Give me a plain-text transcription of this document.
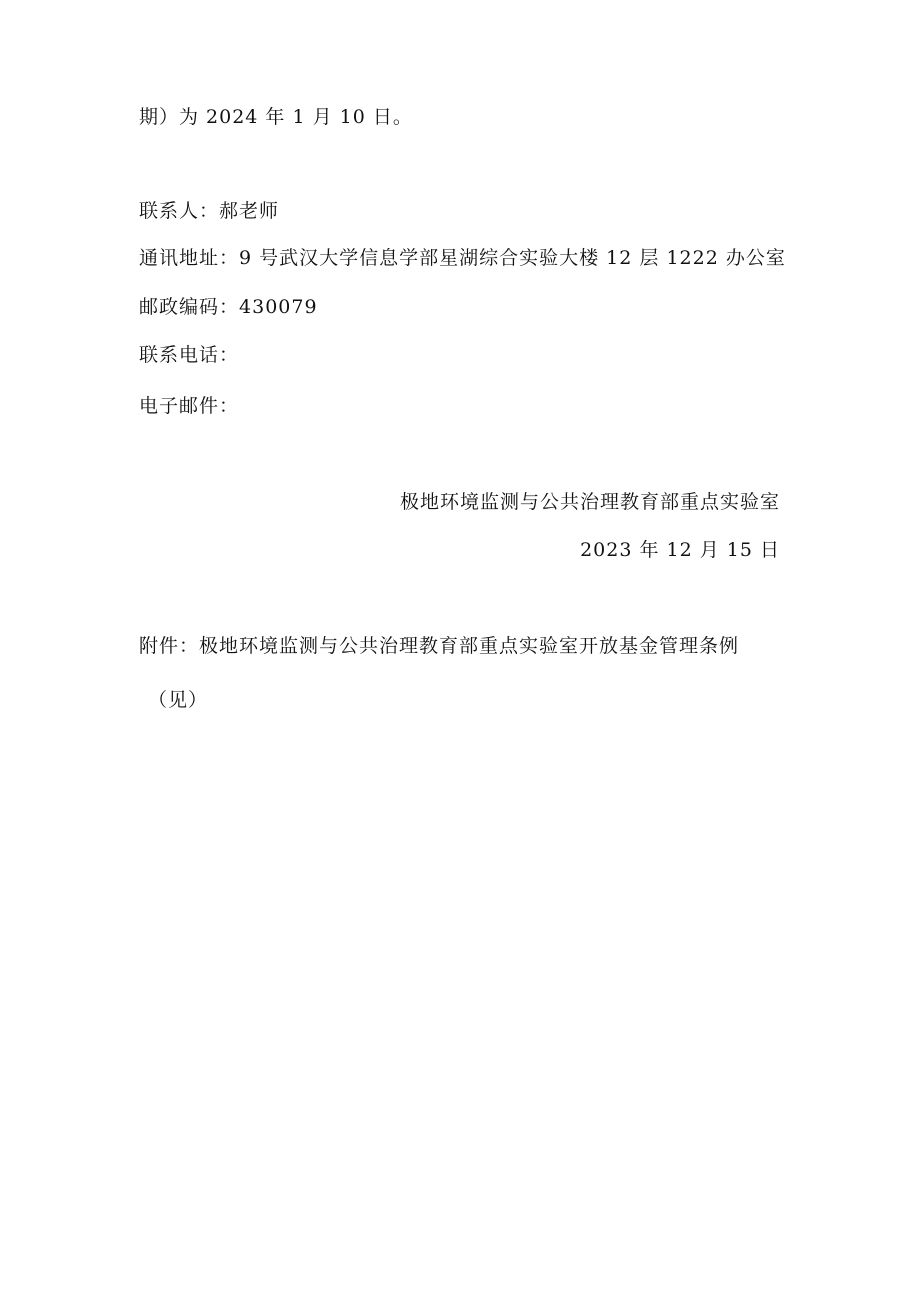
期）为 2024 年 1 月 10 日。
联系人：郝老师
通讯地址：9 号武汉大学信息学部星湖综合实验大楼 12 层 1222 办公室
邮政编码：430079
联系电话：
电子邮件：
极地环境监测与公共治理教育部重点实验室
2023 年 12 月 15 日
附件：极地环境监测与公共治理教育部重点实验室开放基金管理条例
（见）
